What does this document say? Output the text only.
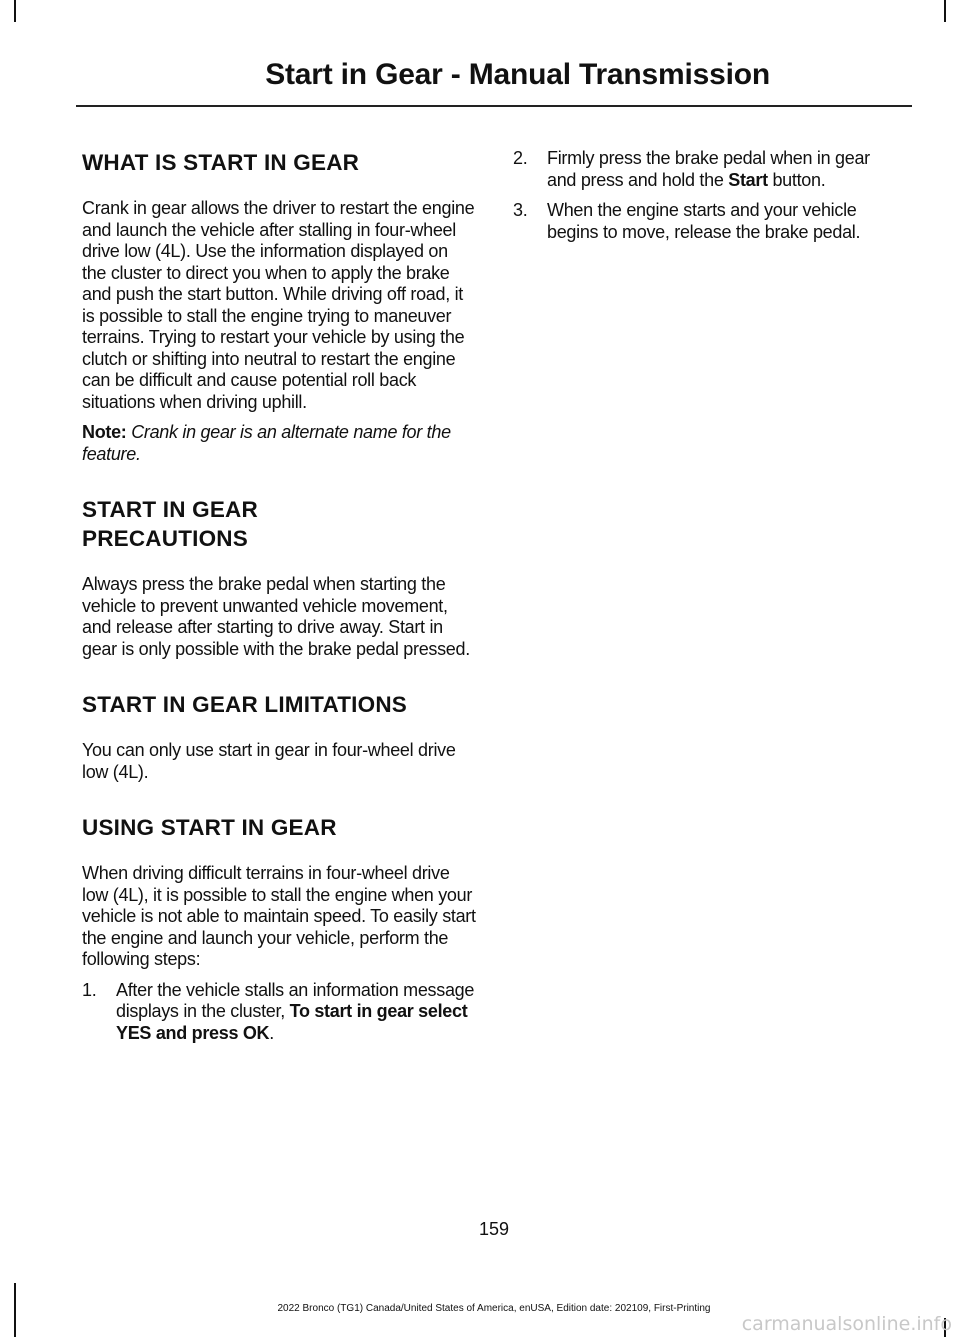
Start in Gear - Manual Transmission
WHAT IS START IN GEAR

Crank in gear allows the driver to restart the engine and launch the vehicle after stalling in four-wheel drive low (4L). Use the information displayed on the cluster to direct you when to apply the brake and push the start button. While driving off road, it is possible to stall the engine trying to maneuver terrains. Trying to restart your vehicle by using the clutch or shifting into neutral to restart the engine can be difficult and cause potential roll back situations when driving uphill.

Note: Crank in gear is an alternate name for the feature.

START IN GEAR
PRECAUTIONS

Always press the brake pedal when starting the vehicle to prevent unwanted vehicle movement, and release after starting to drive away. Start in gear is only possible with the brake pedal pressed.

START IN GEAR LIMITATIONS

You can only use start in gear in four-wheel drive low (4L).

USING START IN GEAR

When driving difficult terrains in four-wheel drive low (4L), it is possible to stall the engine when your vehicle is not able to maintain speed. To easily start the engine and launch your vehicle, perform the following steps:

1. After the vehicle stalls an information message displays in the cluster, To start in gear select YES and press OK.
2. Firmly press the brake pedal when in gear and press and hold the Start button.
3. When the engine starts and your vehicle begins to move, release the brake pedal.
159
2022 Bronco (TG1) Canada/United States of America, enUSA, Edition date: 202109, First-Printing
carmanualsonline.info
